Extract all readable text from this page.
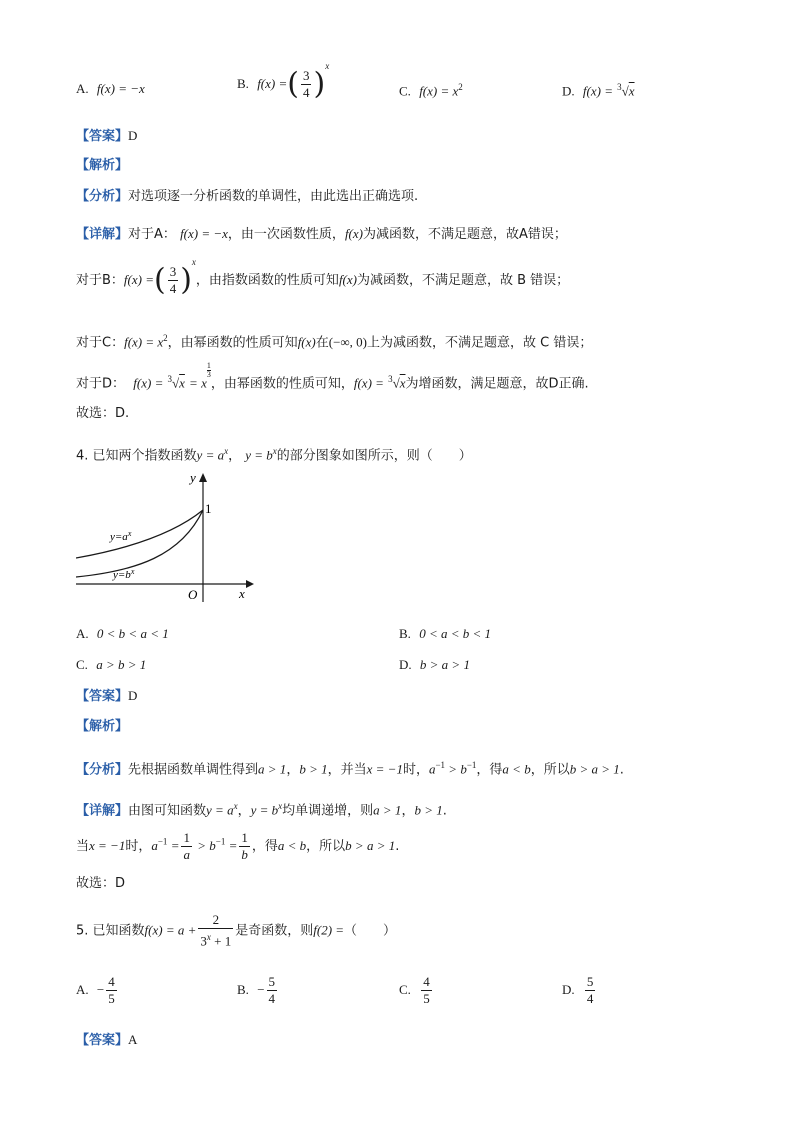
A. f(x) = −x	B. f(x) =( $\frac{3}{4} )^x$
C. $f(x) = x^2$	D. f(x) = $^3$√x
【答案】D
【解析】
【分析】对选项逐一分析函数的单调性，由此选出正确选项.
【详解】对于A： f(x) = −x，由一次函数性质，f(x)为减函数，不满足题意，故A错误；
对于B：f(x) =( $\frac{3}{4} )^x$，由指数函数的性质可知f(x)为减函数，不满足题意，故 B 错误；
对于C：$f(x) = x^2$，由幂函数的性质可知f(x)在(−∞, 0)上为减函数，不满足题意，故 C 错误；
对于D： f(x) = $^3$√x = x
$\frac{1}{3}$
，由幂函数的性质可知，f(x) = $^3$√x为增函数，满足题意，故D正确.
故选：D.
4. 已知两个指数函数$y = a^x$， $y = b^x$的部分图象如图所示，则（　　）
y
x
O
1
$y=a^x$
$y=b^x$
A. 0 < b < a < 1	B. 0 < a < b < 1
C. a > b > 1	D. b > a > 1
【答案】D
【解析】
【分析】先根据函数单调性得到a > 1，b > 1，并当x = −1时，$a^{-1} > b^{-1}$，得a < b，所以b > a > 1.
【详解】由图可知函数$y = a^x$，$y = b^x$均单调递增，则a > 1，b > 1.
当x = −1时，$a^{-1} = \frac{1}{a} > b^{-1} = \frac{1}{b}$ ，得a < b，所以b > a > 1.
故选：D
5. 已知函数$f(x) = a + \frac{2}{3^x + 1}$ 是奇函数，则f(2) =（　　）
A. − $\frac{4}{5}$	B. − $\frac{5}{4}$	C. $\frac{4}{5}$	D. $\frac{5}{4}$
【答案】A
